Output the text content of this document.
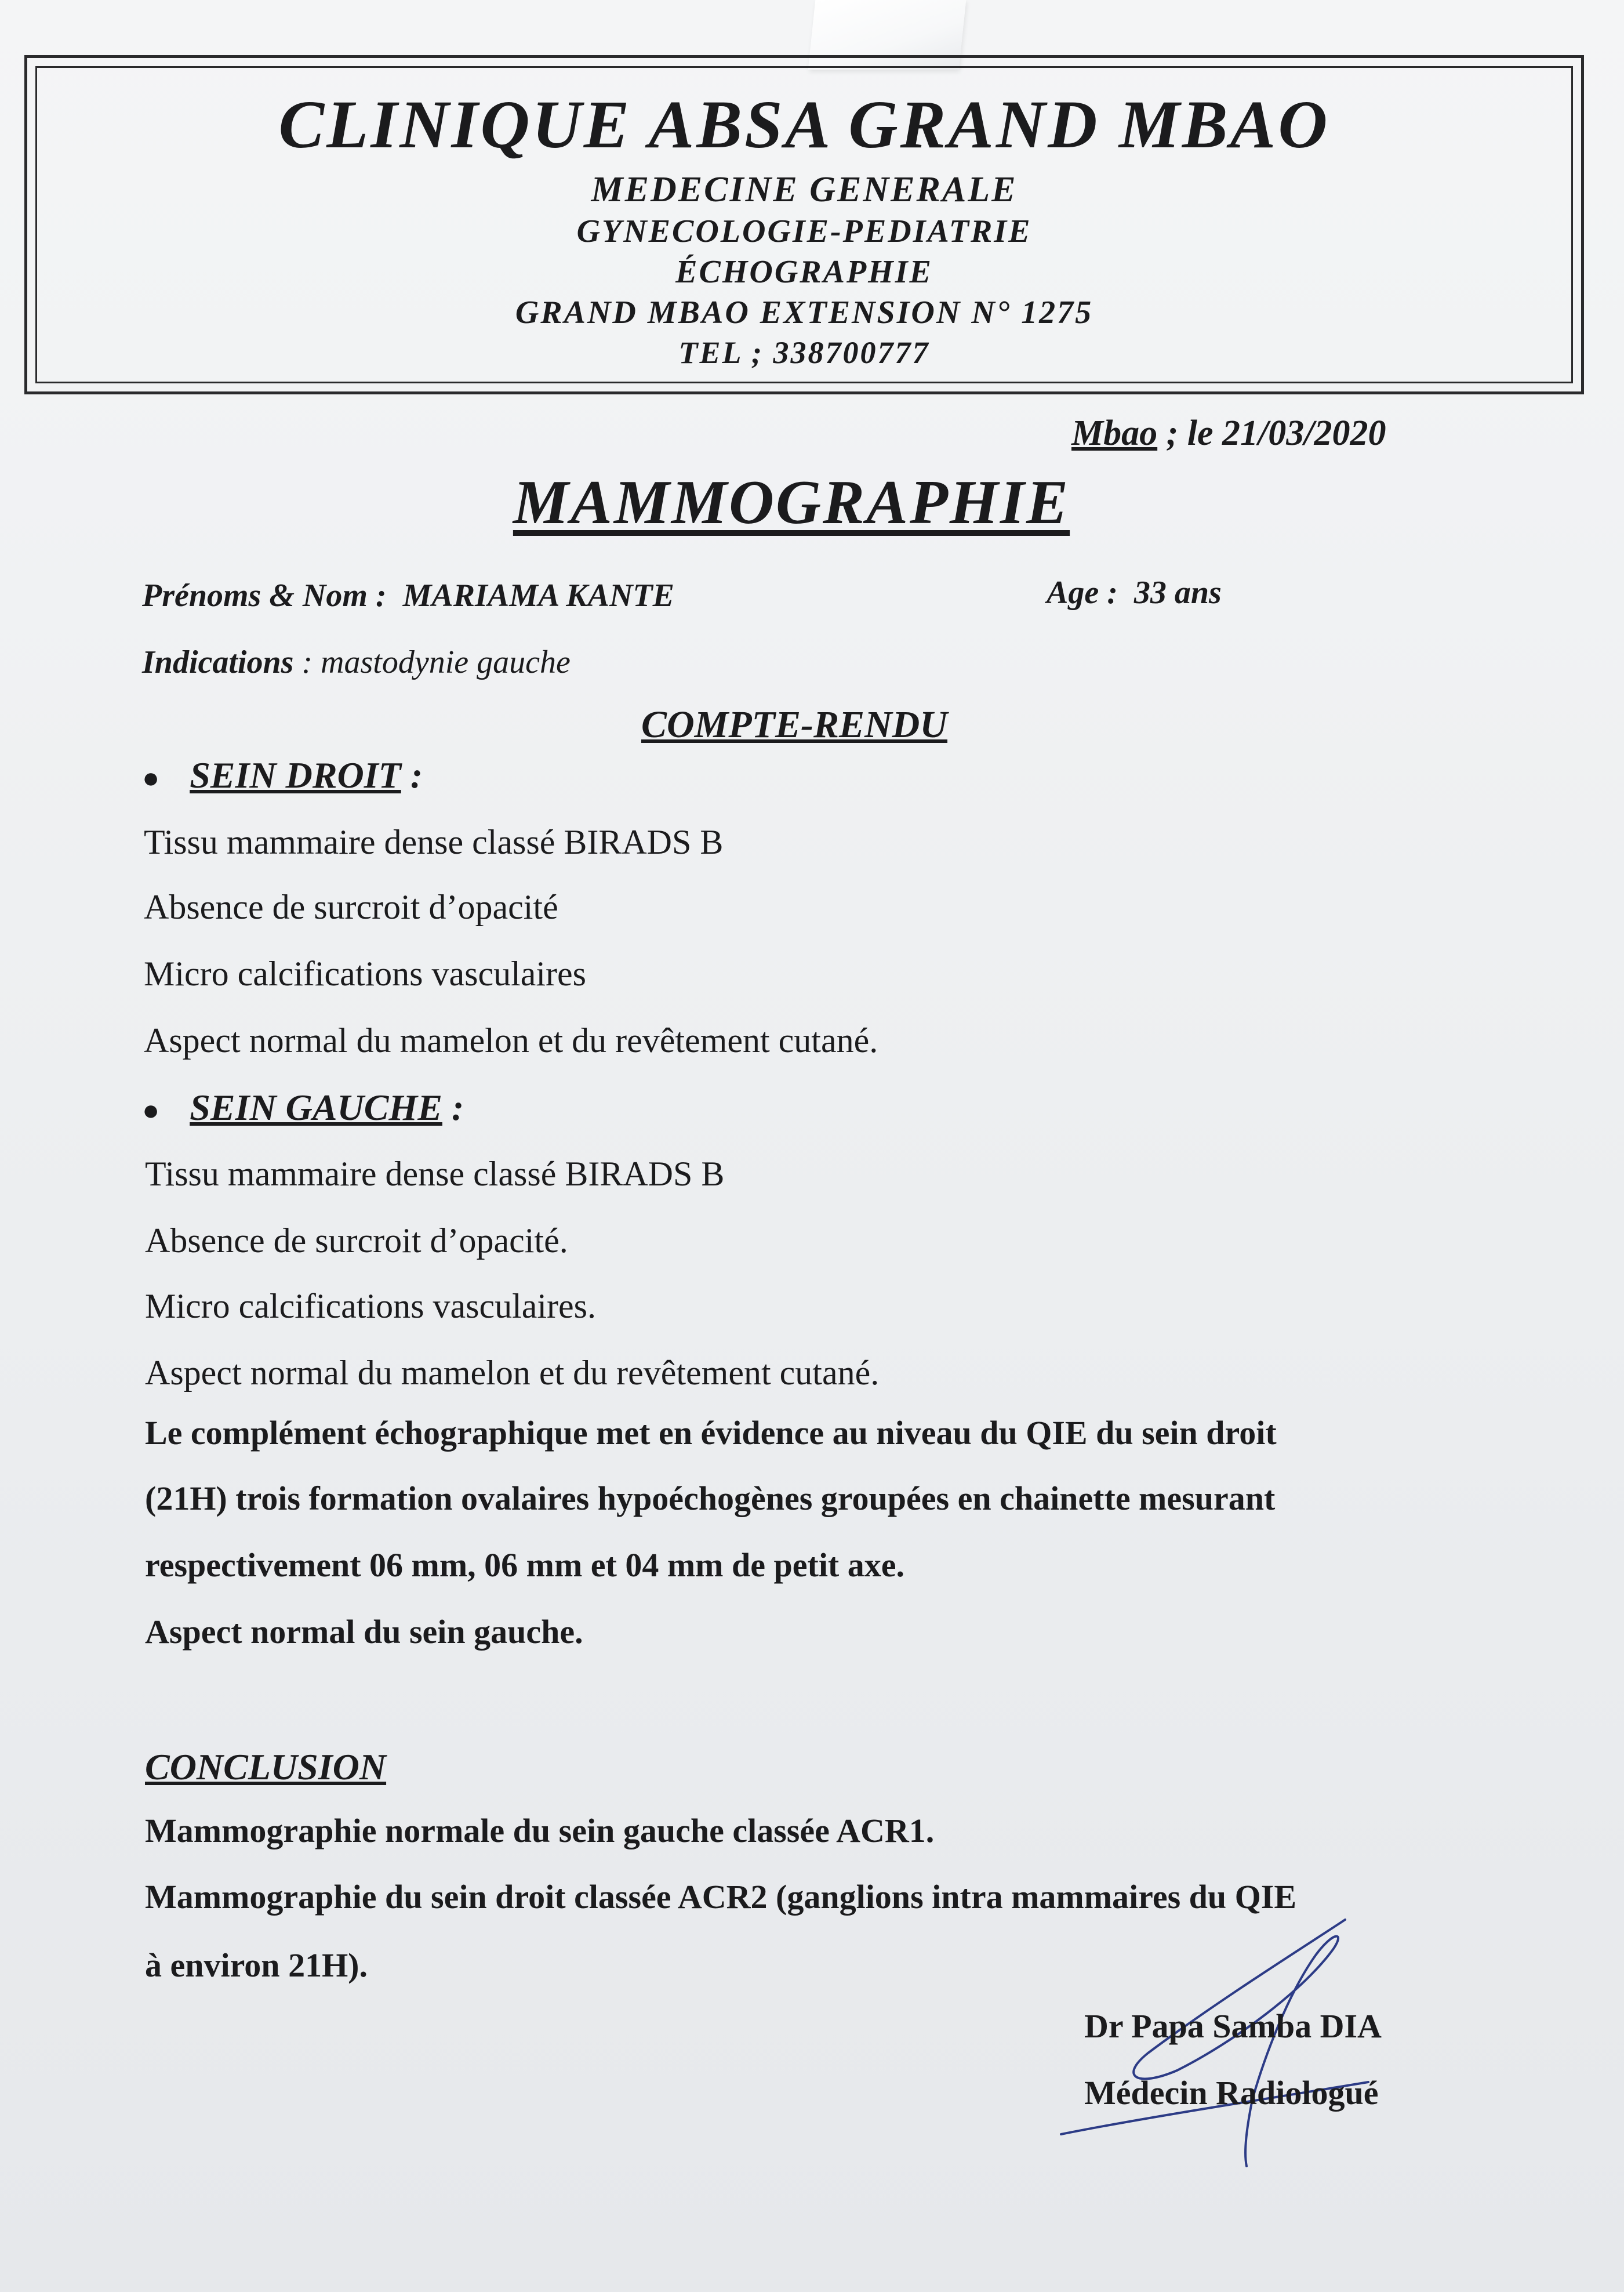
CLINIQUE ABSA GRAND MBAO
MEDECINE GENERALE
GYNECOLOGIE-PEDIATRIE
ÉCHOGRAPHIE
GRAND MBAO EXTENSION N° 1275
TEL ; 338700777
Mbao ; le 21/03/2020
MAMMOGRAPHIE
Prénoms & Nom : MARIAMA KANTE	Age : 33 ans
Indications : mastodynie gauche
COMPTE-RENDU
● SEIN DROIT :
Tissu mammaire dense classé BIRADS B
Absence de surcroit d’opacité
Micro calcifications vasculaires
Aspect normal du mamelon et du revêtement cutané.
● SEIN GAUCHE :
Tissu mammaire dense classé BIRADS B
Absence de surcroit d’opacité.
Micro calcifications vasculaires.
Aspect normal du mamelon et du revêtement cutané.
Le complément échographique met en évidence au niveau du QIE du sein droit
(21H) trois formation ovalaires hypoéchogènes groupées en chainette mesurant
respectivement 06 mm, 06 mm et 04 mm de petit axe.
Aspect normal du sein gauche.
CONCLUSION
Mammographie normale du sein gauche classée ACR1.
Mammographie du sein droit classée ACR2 (ganglions intra mammaires du QIE
à environ 21H).
Dr Papa Samba DIA
Médecin Radiologué
